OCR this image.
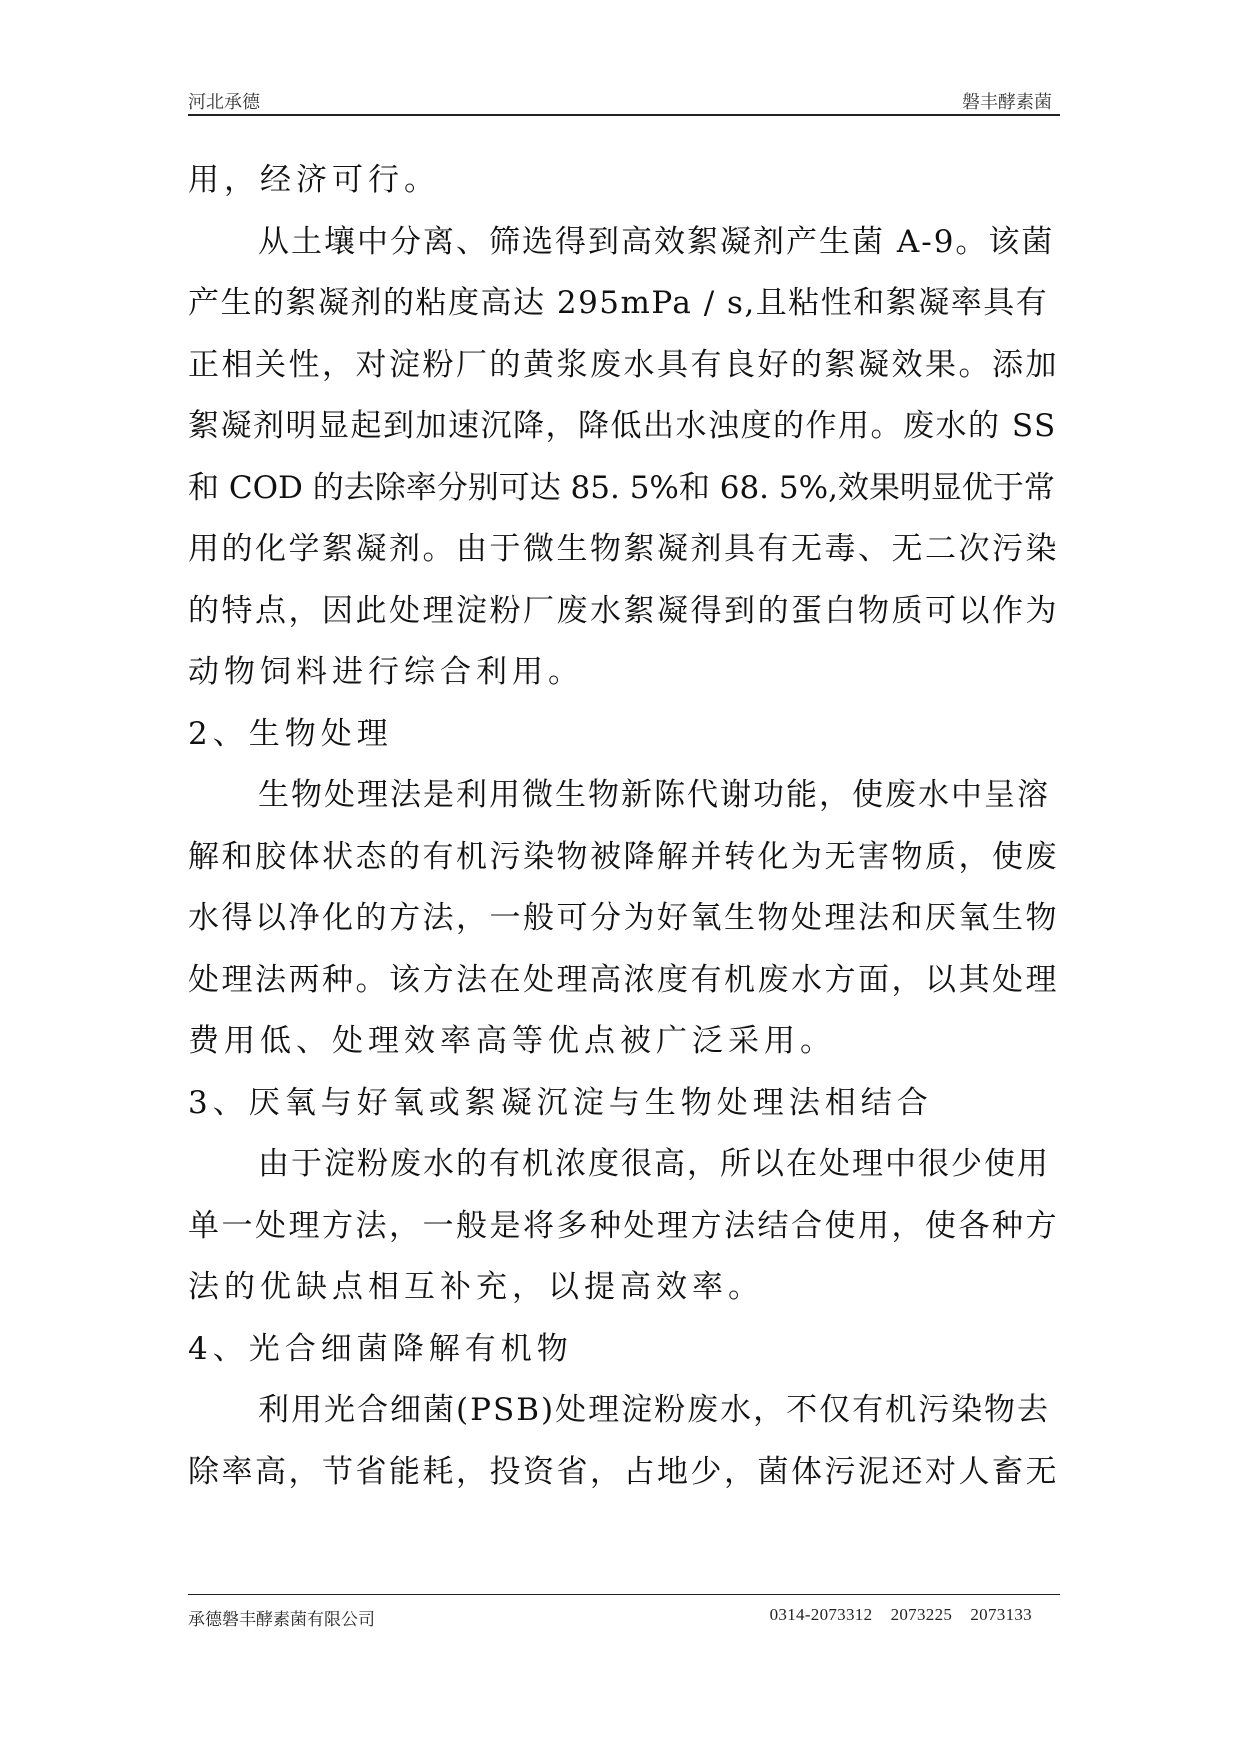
河北承德	磐丰酵素菌
用，经济可行。
从土壤中分离、筛选得到高效絮凝剂产生菌 A-9。该菌
产生的絮凝剂的粘度高达 295mPa / s,且粘性和絮凝率具有
正相关性，对淀粉厂的黄浆废水具有良好的絮凝效果。添加
絮凝剂明显起到加速沉降，降低出水浊度的作用。废水的 SS
和 COD 的去除率分别可达 85. 5%和 68. 5%,效果明显优于常
用的化学絮凝剂。由于微生物絮凝剂具有无毒、无二次污染
的特点，因此处理淀粉厂废水絮凝得到的蛋白物质可以作为
动物饲料进行综合利用。
2、生物处理
生物处理法是利用微生物新陈代谢功能，使废水中呈溶
解和胶体状态的有机污染物被降解并转化为无害物质，使废
水得以净化的方法，一般可分为好氧生物处理法和厌氧生物
处理法两种。该方法在处理高浓度有机废水方面，以其处理
费用低、处理效率高等优点被广泛采用。
3、厌氧与好氧或絮凝沉淀与生物处理法相结合
由于淀粉废水的有机浓度很高，所以在处理中很少使用
单一处理方法，一般是将多种处理方法结合使用，使各种方
法的优缺点相互补充，以提高效率。
4、光合细菌降解有机物
利用光合细菌(PSB)处理淀粉废水，不仅有机污染物去
除率高，节省能耗，投资省，占地少，菌体污泥还对人畜无
承德磐丰酵素菌有限公司	0314-2073312    2073225    2073133
